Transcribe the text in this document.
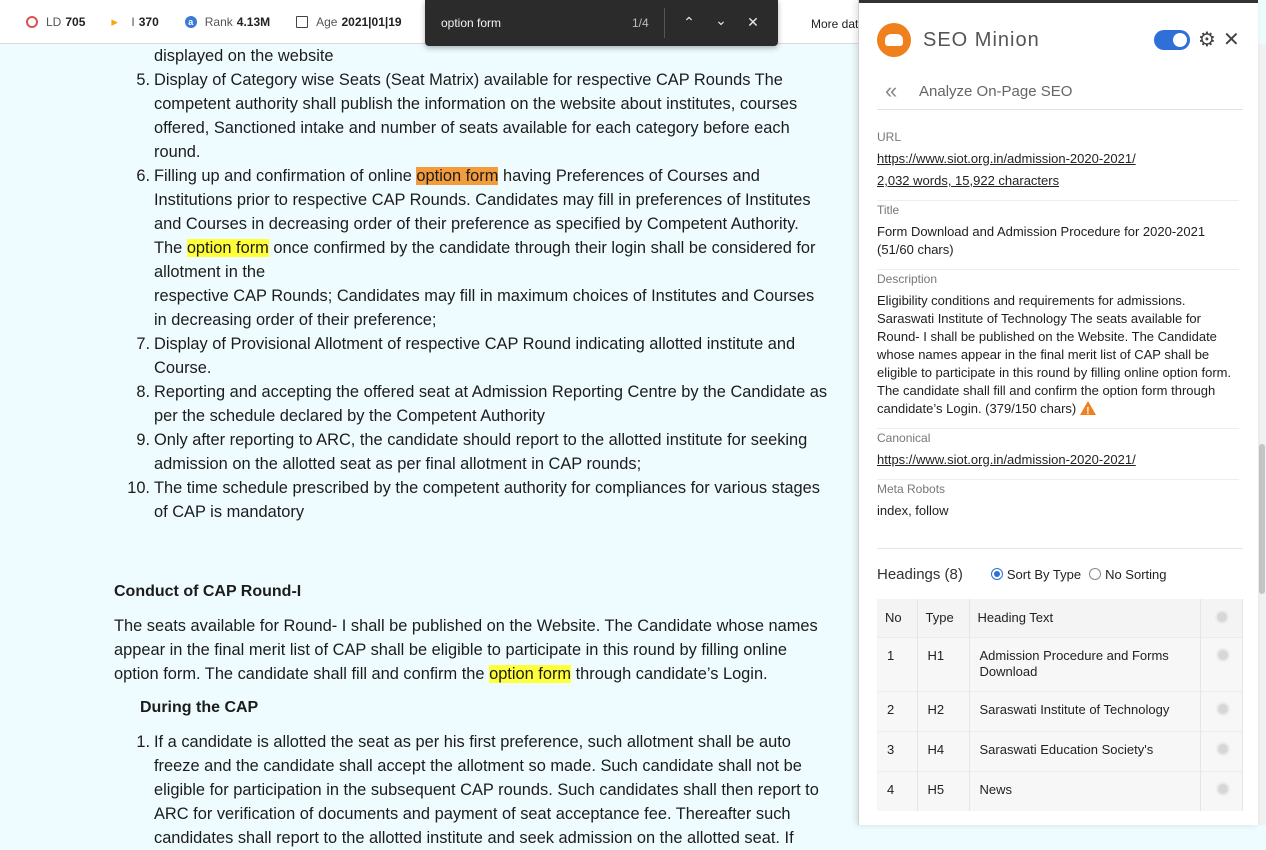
LD 705 ▸	I 370	a Rank 4.13M	Age 2021|01|19	More dat
option form	1/4 ⌃ ⌄ ✕
displayed on the website
5. Display of Category wise Seats (Seat Matrix) available for respective CAP Rounds The competent authority shall publish the information on the website about institutes, courses offered, Sanctioned intake and number of seats available for each category before each round.
6. Filling up and confirmation of online option form having Preferences of Courses and Institutions prior to respective CAP Rounds. Candidates may fill in preferences of Institutes and Courses in decreasing order of their preference as specified by Competent Authority. The option form once confirmed by the candidate through their login shall be considered for allotment in the
respective CAP Rounds; Candidates may fill in maximum choices of Institutes and Courses in decreasing order of their preference;
7. Display of Provisional Allotment of respective CAP Round indicating allotted institute and Course.
8. Reporting and accepting the offered seat at Admission Reporting Centre by the Candidate as per the schedule declared by the Competent Authority
9. Only after reporting to ARC, the candidate should report to the allotted institute for seeking admission on the allotted seat as per final allotment in CAP rounds;
10. The time schedule prescribed by the competent authority for compliances for various stages of CAP is mandatory
Conduct of CAP Round-I
The seats available for Round- I shall be published on the Website. The Candidate whose names appear in the final merit list of CAP shall be eligible to participate in this round by filling online option form. The candidate shall fill and confirm the option form through candidate’s Login.
During the CAP
1. If a candidate is allotted the seat as per his first preference, such allotment shall be auto freeze and the candidate shall accept the allotment so made. Such candidate shall not be eligible for participation in the subsequent CAP rounds. Such candidates shall then report to ARC for verification of documents and payment of seat acceptance fee. Thereafter such candidates shall report to the allotted institute and seek admission on the allotted seat. If
SEO Minion	⚙ ✕
« Analyze On-Page SEO
URL
https://www.siot.org.in/admission-2020-2021/
2,032 words, 15,922 characters
Title
Form Download and Admission Procedure for 2020-2021 (51/60 chars)
Description
Eligibility conditions and requirements for admissions. Saraswati Institute of Technology The seats available for Round- I shall be published on the Website. The Candidate whose names appear in the final merit list of CAP shall be eligible to participate in this round by filling online option form. The candidate shall fill and confirm the option form through candidate’s Login. (379/150 chars)!
Canonical
https://www.siot.org.in/admission-2020-2021/
Meta Robots
index, follow
Headings (8)	Sort By Type No Sorting
No	Type	Heading Text	
1	H1	Admission Procedure and Forms Download	
2	H2	Saraswati Institute of Technology	
3	H4	Saraswati Education Society's	
4	H5	News	
